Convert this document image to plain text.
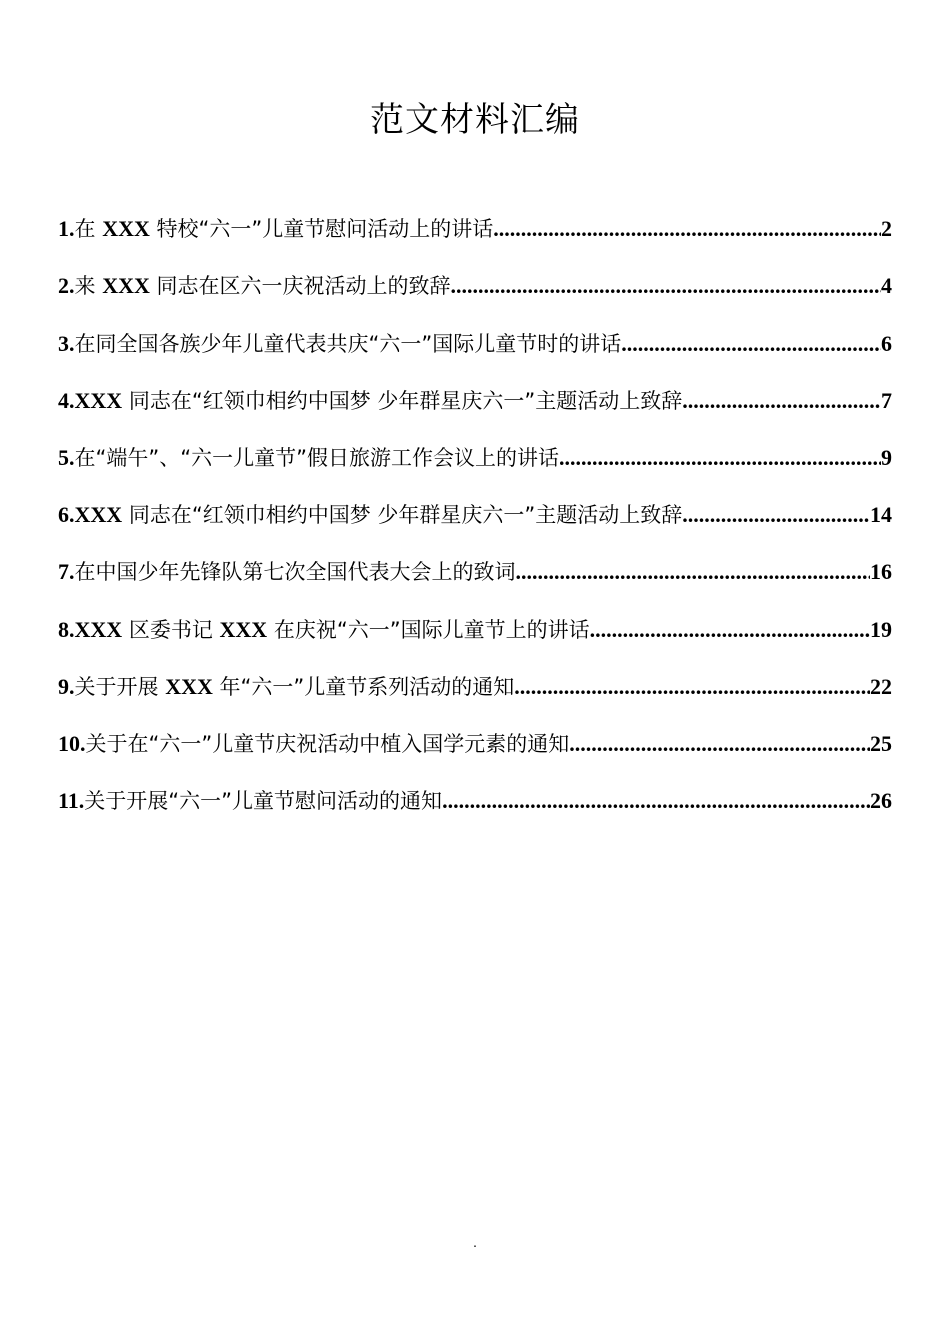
范文材料汇编
1. 在 XXX 特校“六一”儿童节慰问活动上的讲话 .....	2
2. 来 XXX 同志在区六一庆祝活动上的致辞 .....	4
3. 在同全国各族少年儿童代表共庆“六一”国际儿童节时的讲话 .....	6
4. XXX 同志在“红领巾相约中国梦 少年群星庆六一”主题活动上致辞 .....	7
5. 在“端午”、“六一儿童节”假日旅游工作会议上的讲话 .....	9
6. XXX 同志在“红领巾相约中国梦 少年群星庆六一”主题活动上致辞 .....	14
7. 在中国少年先锋队第七次全国代表大会上的致词 .....	16
8. XXX 区委书记 XXX 在庆祝“六一”国际儿童节上的讲话 .....	19
9. 关于开展 XXX 年“六一”儿童节系列活动的通知 .....	22
10. 关于在“六一”儿童节庆祝活动中植入国学元素的通知 .....	25
11. 关于开展“六一”儿童节慰问活动的通知 .....	26
.
